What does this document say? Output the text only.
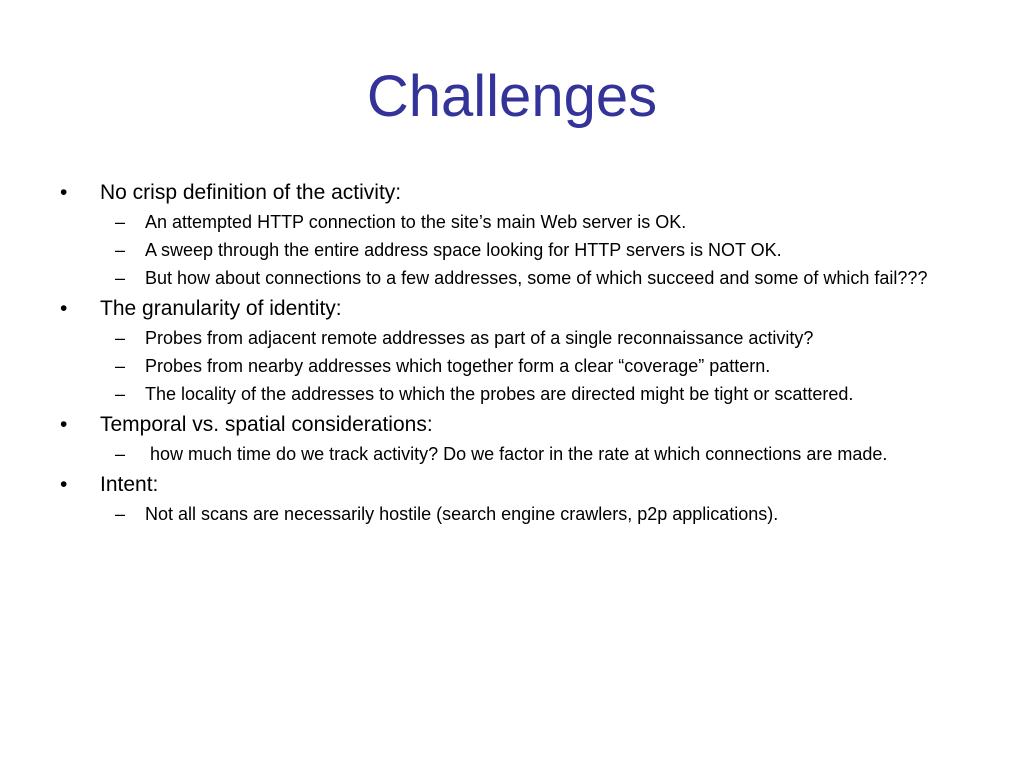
Challenges
• No crisp definition of the activity:
– An attempted HTTP connection to the site’s main Web server is OK.
– A sweep through the entire address space looking for HTTP servers is NOT OK.
– But how about connections to a few addresses, some of which succeed and some of which fail???
• The granularity of identity:
– Probes from adjacent remote addresses as part of a single reconnaissance activity?
– Probes from nearby addresses which together form a clear “coverage” pattern.
– The locality of the addresses to which the probes are directed might be tight or scattered.
• Temporal vs. spatial considerations:
– how much time do we track activity? Do we factor in the rate at which connections are made.
• Intent:
– Not all scans are necessarily hostile (search engine crawlers, p2p applications).
